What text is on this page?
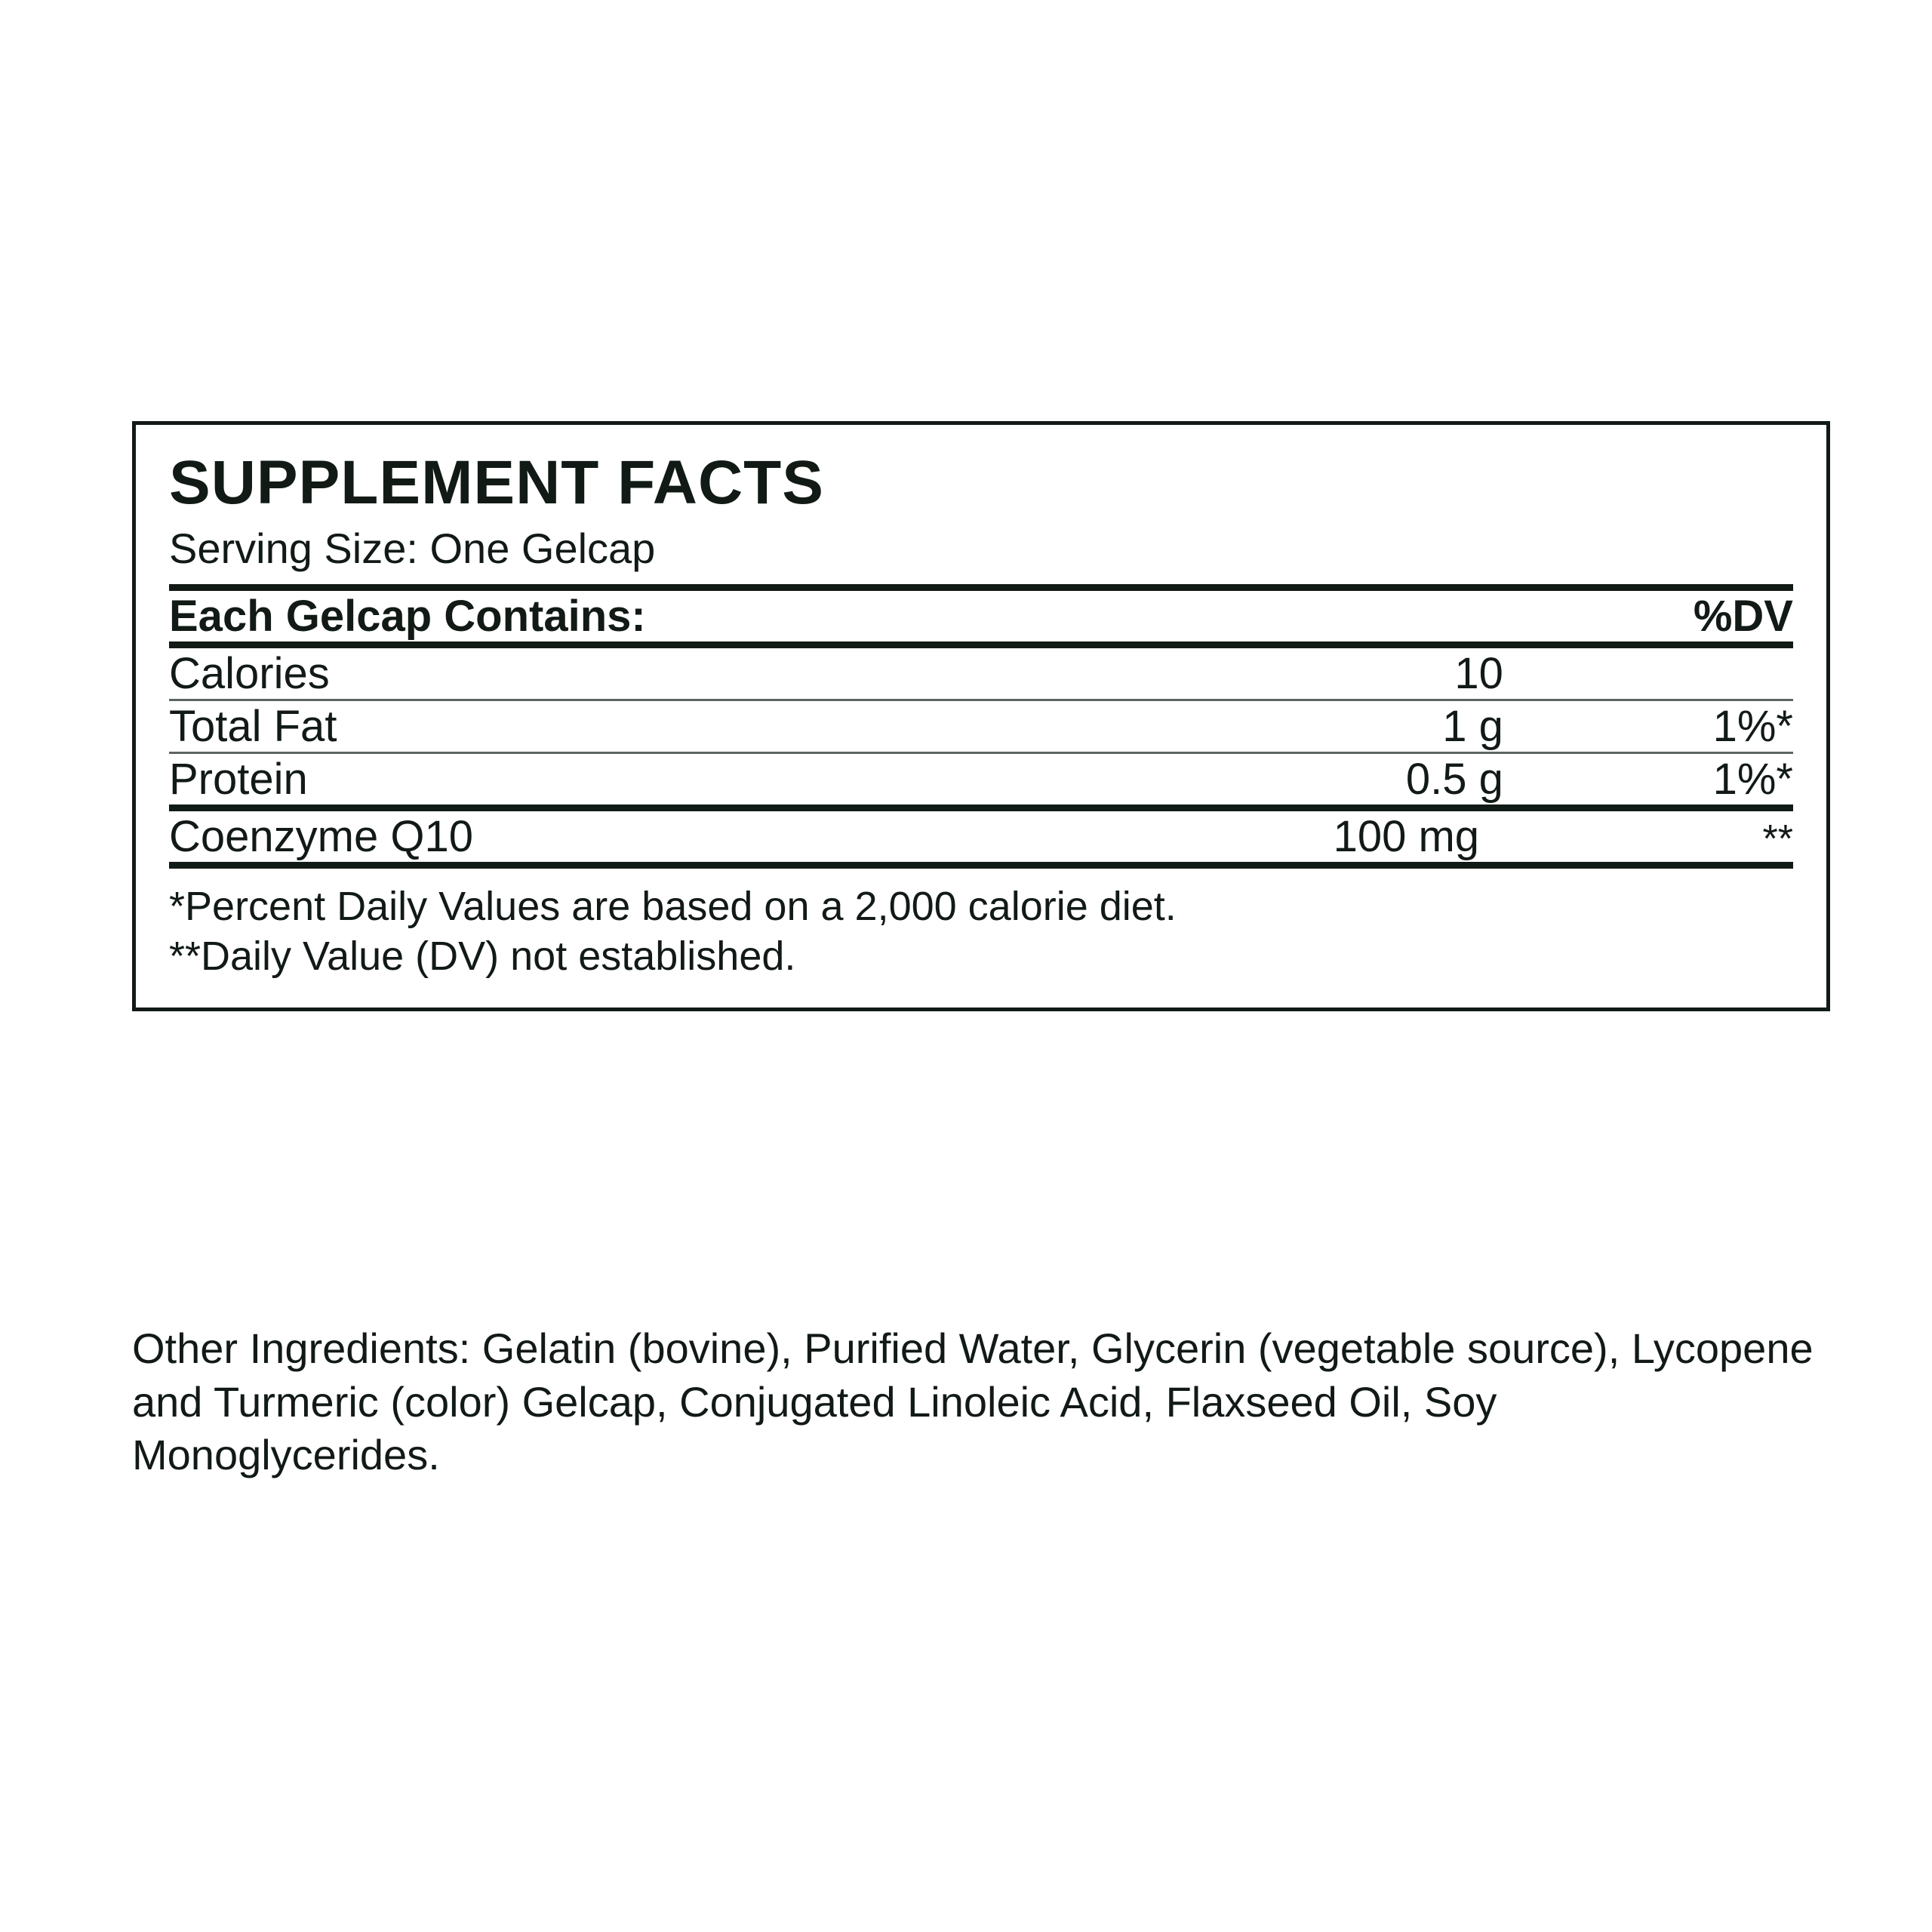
SUPPLEMENT FACTS
Serving Size: One Gelcap
Each Gelcap Contains:		%DV
Calories	10	
Total Fat	1 g	1%*
Protein	0.5 g	1%*
Coenzyme Q10	100 mg	**
*Percent Daily Values are based on a 2,000 calorie diet.
**Daily Value (DV) not established.
Other Ingredients: Gelatin (bovine), Purified Water, Glycerin (vegetable source), Lycopene and Turmeric (color) Gelcap, Conjugated Linoleic Acid, Flaxseed Oil, Soy Monoglycerides.
